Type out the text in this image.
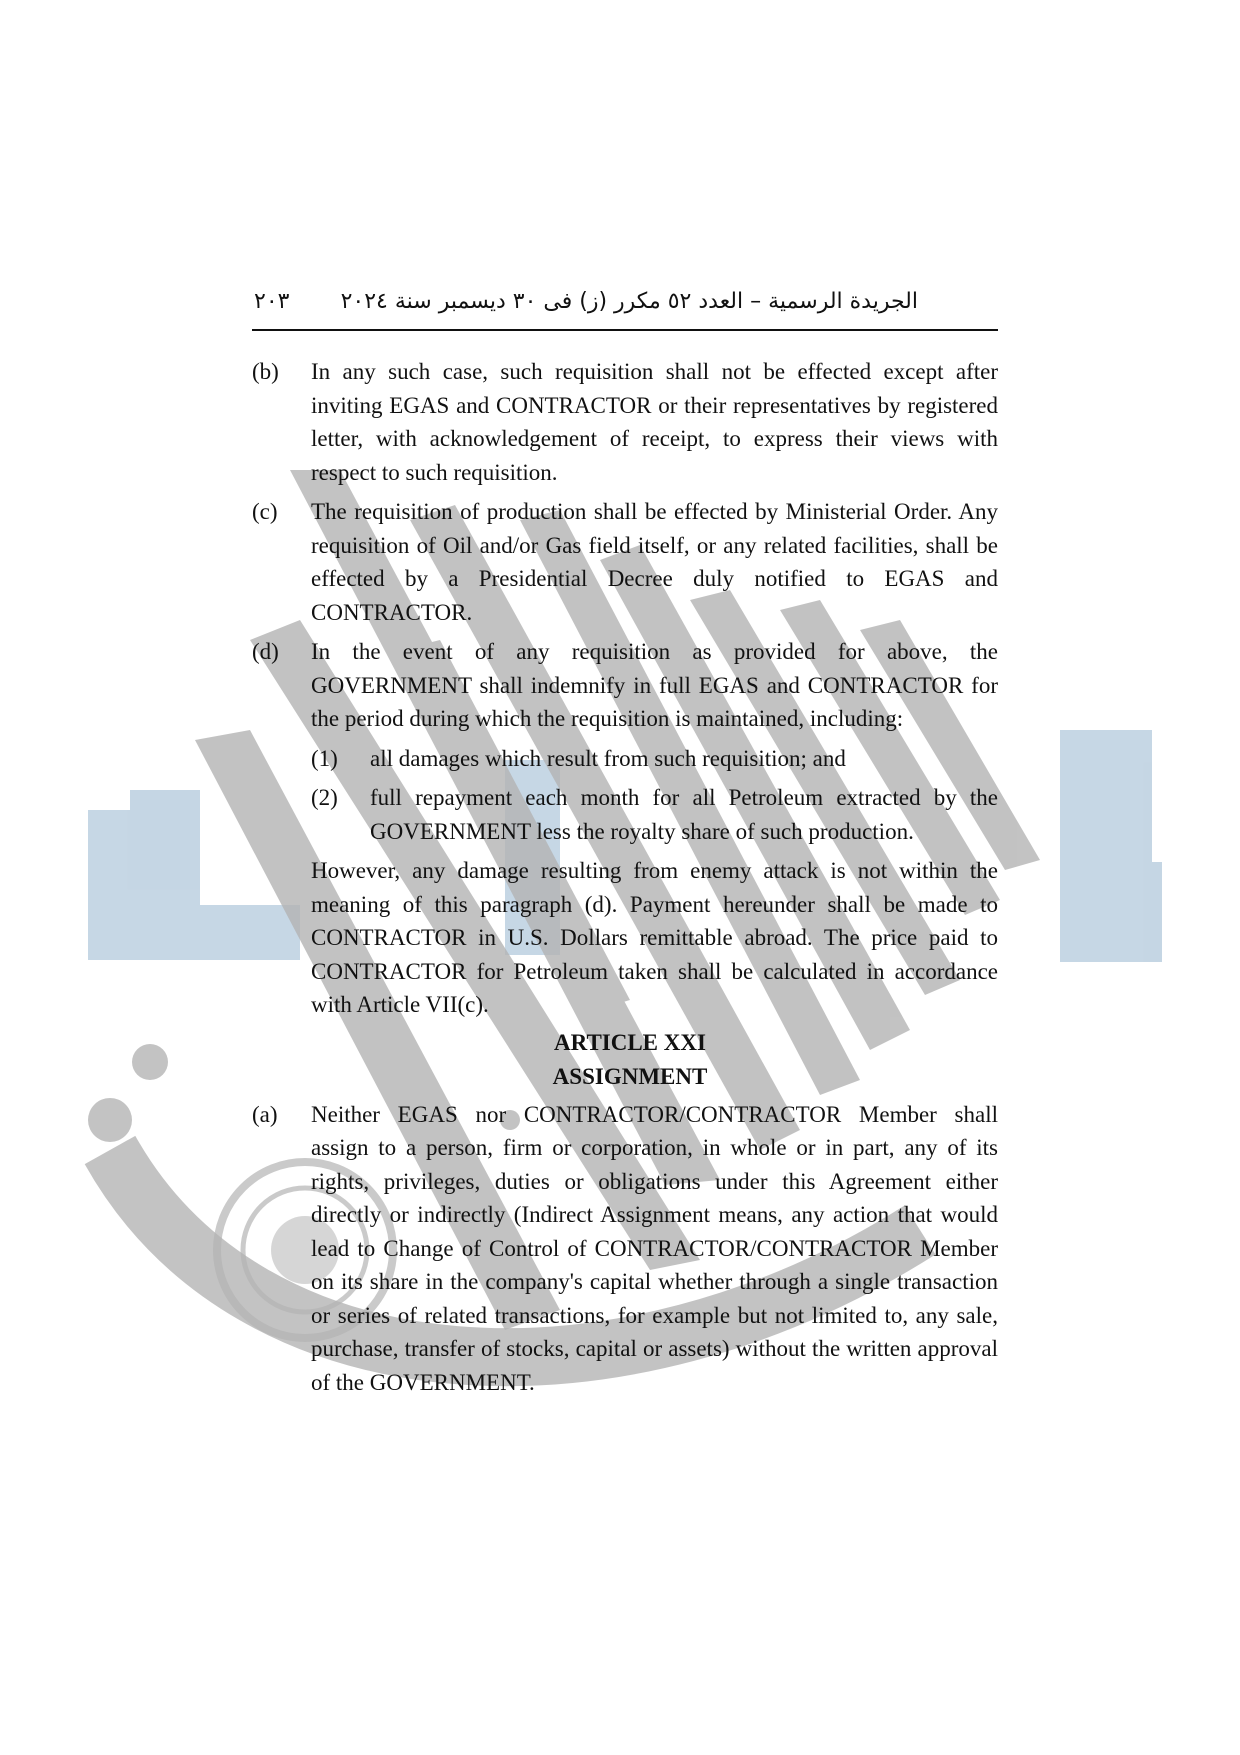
الجريدة الرسمية – العدد ٥٢ مكرر (ز) فى ٣٠ ديسمبر سنة ٢٠٢٤
٢٠٣
(b) In any such case, such requisition shall not be effected except after inviting EGAS and CONTRACTOR or their representatives by registered letter, with acknowledgement of receipt, to express their views with respect to such requisition.
(c) The requisition of production shall be effected by Ministerial Order. Any requisition of Oil and/or Gas field itself, or any related facilities, shall be effected by a Presidential Decree duly notified to EGAS and CONTRACTOR.
(d) In the event of any requisition as provided for above, the GOVERNMENT shall indemnify in full EGAS and CONTRACTOR for the period during which the requisition is maintained, including:
(1) all damages which result from such requisition; and
(2) full repayment each month for all Petroleum extracted by the GOVERNMENT less the royalty share of such production.
However, any damage resulting from enemy attack is not within the meaning of this paragraph (d). Payment hereunder shall be made to CONTRACTOR in U.S. Dollars remittable abroad. The price paid to CONTRACTOR for Petroleum taken shall be calculated in accordance with Article VII(c).
ARTICLE XXI
ASSIGNMENT
(a) Neither EGAS nor CONTRACTOR/CONTRACTOR Member shall assign to a person, firm or corporation, in whole or in part, any of its rights, privileges, duties or obligations under this Agreement either directly or indirectly (Indirect Assignment means, any action that would lead to Change of Control of CONTRACTOR/CONTRACTOR Member on its share in the company's capital whether through a single transaction or series of related transactions, for example but not limited to, any sale, purchase, transfer of stocks, capital or assets) without the written approval of the GOVERNMENT.
